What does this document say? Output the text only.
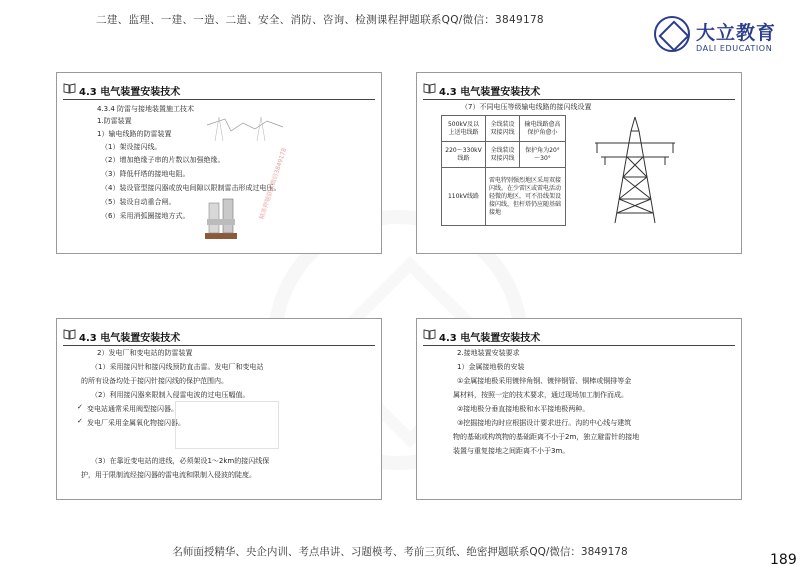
二建、监理、一建、一造、二造、安全、消防、咨询、检测课程押题联系QQ/微信：3849178
大立教育
DALI EDUCATION
4.3 电气装置安装技术
4.3.4 防雷与接地装置施工技术
1.防雷装置
1）输电线路的防雷装置
（1）架设接闪线。
（2）增加绝缘子串的片数以加强绝缘。
（3）降低杆塔的接地电阻。
（4）装设管型接闪器或放电间隙以限制雷击形成过电压。
（5）装设自动重合闸。
（6）采用消弧圈接地方式。	精准押题联系微信3849178
4.3 电气装置安装技术
（7）不同电压等级输电线路的接闪线设置
500kV及以上送电线路	全线装设双接闪线	输电线路愈高保护角愈小
220～330kV线路	全线装设双接闪线	保护角为20°～30°
110kV线路	雷电特别强烈地区采用双接闪线。在少雷区或雷电活动轻微的地区，可不沿线架设接闪线，但杆塔仍应随基础接地	
4.3 电气装置安装技术
2）发电厂和变电站的防雷装置
（1）采用接闪针和接闪线预防直击雷。发电厂和变电站
的所有设备均处于接闪针接闪线的保护范围内。
（2）利用接闪器来限制入侵雷电波的过电压幅值。
✓ 变电站通常采用阀型接闪器。
✓ 发电厂采用金属氧化物接闪器。
（3）在靠近变电站的进线，必须架设1～2km的接闪线保
护，用于限制流经接闪器的雷电流和限制入侵波的陡度。
4.3 电气装置安装技术
2.接地装置安装要求
1）金属接地极的安装
①金属接地极采用镀锌角钢、镀锌钢管、铜棒或铜排等金
属材料，按照一定的技术要求，通过现场加工制作而成。
②接地极分垂直接地极和水平接地极两种。
③挖掘接地沟时应根据设计要求进行。沟的中心线与建筑
物的基础或构筑物的基础距离不小于2m，独立避雷针的接地
装置与重复接地之间距离不小于3m。
名师面授精华、央企内训、考点串讲、习题模考、考前三页纸、绝密押题联系QQ/微信：3849178	189
